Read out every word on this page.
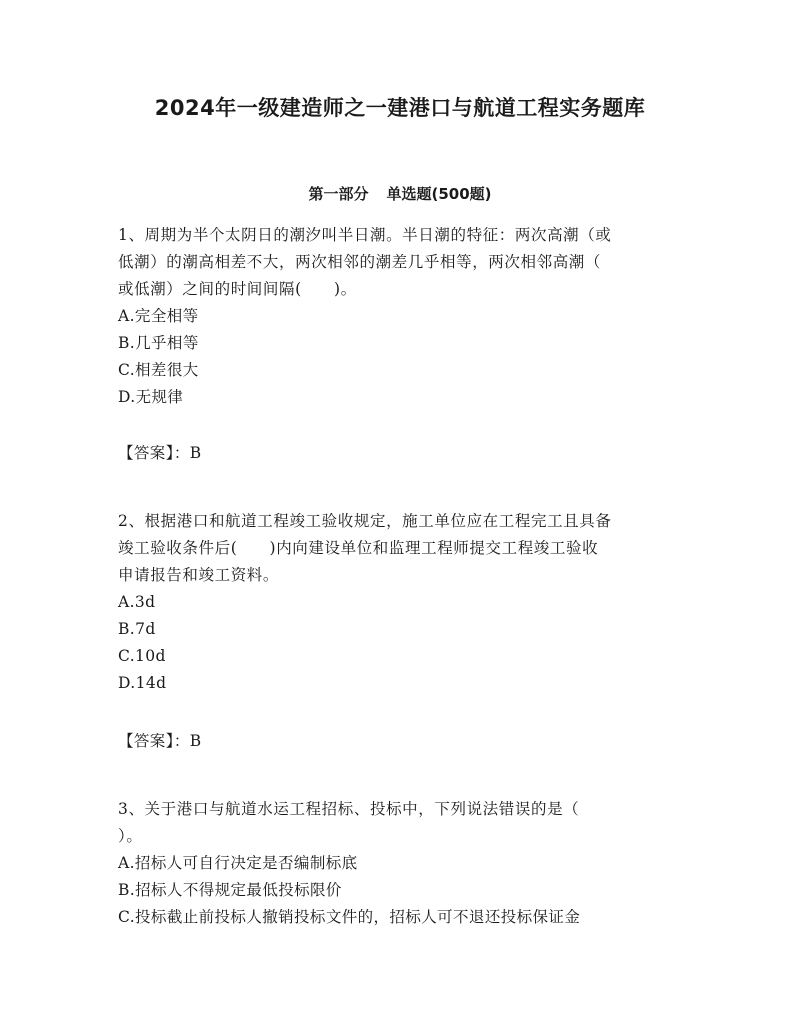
2024年一级建造师之一建港口与航道工程实务题库
第一部分 单选题(500题)

1、周期为半个太阴日的潮汐叫半日潮。半日潮的特征：两次高潮（或

低潮）的潮高相差不大，两次相邻的潮差几乎相等，两次相邻高潮（

或低潮）之间的时间间隔(　　)。

A.完全相等

B.几乎相等

C.相差很大

D.无规律

【答案】：B

2、根据港口和航道工程竣工验收规定，施工单位应在工程完工且具备

竣工验收条件后(　　)内向建设单位和监理工程师提交工程竣工验收

申请报告和竣工资料。

A.3d

B.7d

C.10d

D.14d

【答案】：B

3、关于港口与航道水运工程招标、投标中，下列说法错误的是（

）。

A.招标人可自行决定是否编制标底

B.招标人不得规定最低投标限价

C.投标截止前投标人撤销投标文件的，招标人可不退还投标保证金
